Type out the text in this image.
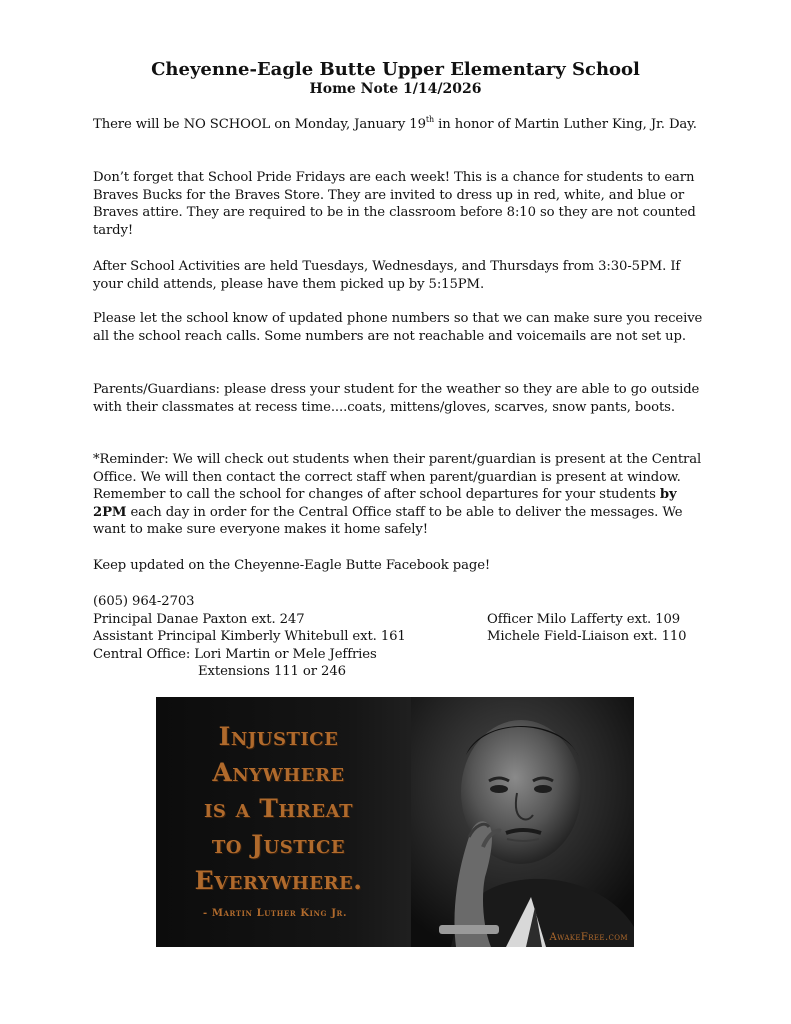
Cheyenne-Eagle Butte Upper Elementary School
Home Note 1/14/2026

There will be NO SCHOOL on Monday, January 19th in honor of Martin Luther King, Jr. Day.

Don’t forget that School Pride Fridays are each week! This is a chance for students to earn Braves Bucks for the Braves Store. They are invited to dress up in red, white, and blue or Braves attire. They are required to be in the classroom before 8:10 so they are not counted tardy!

After School Activities are held Tuesdays, Wednesdays, and Thursdays from 3:30-5PM. If your child attends, please have them picked up by 5:15PM.

Please let the school know of updated phone numbers so that we can make sure you receive all the school reach calls. Some numbers are not reachable and voicemails are not set up.

Parents/Guardians: please dress your student for the weather so they are able to go outside with their classmates at recess time....coats, mittens/gloves, scarves, snow pants, boots.

*Reminder: We will check out students when their parent/guardian is present at the Central Office. We will then contact the correct staff when parent/guardian is present at window. Remember to call the school for changes of after school departures for your students by 2PM each day in order for the Central Office staff to be able to deliver the messages. We want to make sure everyone makes it home safely!

Keep updated on the Cheyenne-Eagle Butte Facebook page!

(605) 964-2703
Principal Danae Paxton ext. 247	Officer Milo Lafferty ext. 109
Assistant Principal Kimberly Whitebull ext. 161	Michele Field-Liaison ext. 110
Central Office: Lori Martin or Mele Jeffries
Extensions 111 or 246

Injustice
Anywhere
is a Threat
to Justice
Everywhere.

- Martin Luther King Jr.

AwakeFree.com
